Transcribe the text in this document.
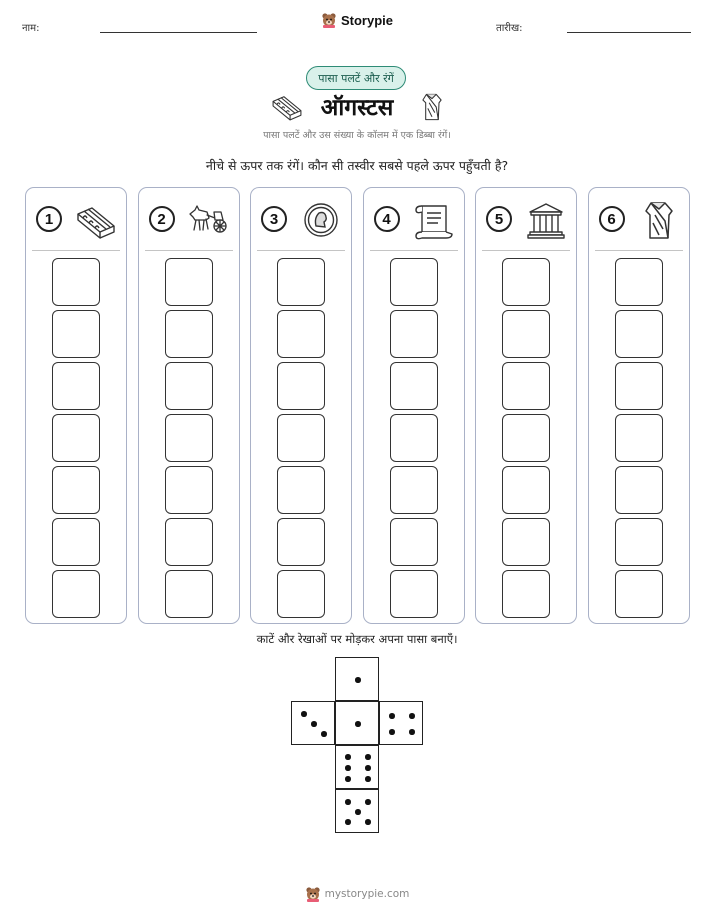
नाम:
Storypie
तारीख:
पासा पलटें और रंगें
ऑगस्टस
पासा पलटें और उस संख्या के कॉलम में एक डिब्बा रंगें।
नीचे से ऊपर तक रंगें। कौन सी तस्वीर सबसे पहले ऊपर पहुँचती है?
1	2	3	4	5	6
काटें और रेखाओं पर मोड़कर अपना पासा बनाएँ।
mystorypie.com
